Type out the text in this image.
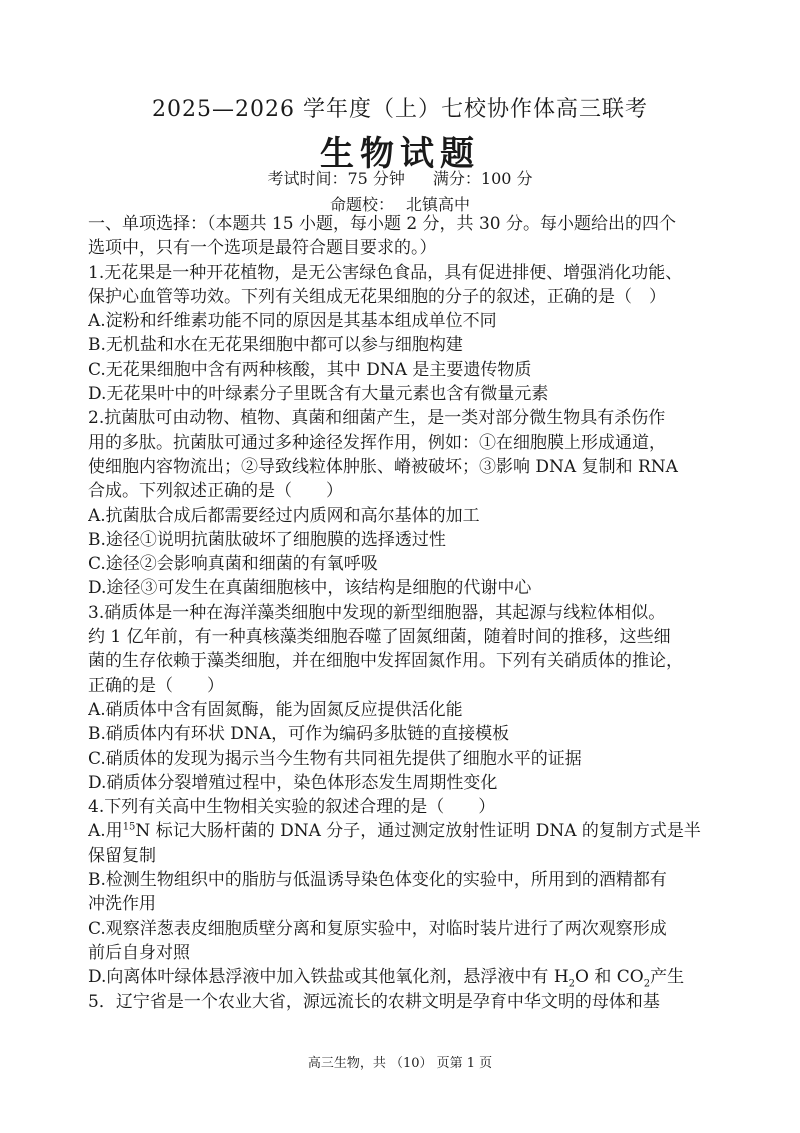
2025—2026 学年度（上）七校协作体高三联考
生物试题
考试时间：75 分钟 满分：100 分
命题校： 北镇高中
一、单项选择：（本题共 15 小题，每小题 2 分，共 30 分。每小题给出的四个
选项中，只有一个选项是最符合题目要求的。）
1.无花果是一种开花植物，是无公害绿色食品，具有促进排便、增强消化功能、
保护心血管等功效。下列有关组成无花果细胞的分子的叙述，正确的是（　）
A.淀粉和纤维素功能不同的原因是其基本组成单位不同
B.无机盐和水在无花果细胞中都可以参与细胞构建
C.无花果细胞中含有两种核酸，其中 DNA 是主要遗传物质
D.无花果叶中的叶绿素分子里既含有大量元素也含有微量元素
2.抗菌肽可由动物、植物、真菌和细菌产生，是一类对部分微生物具有杀伤作
用的多肽。抗菌肽可通过多种途径发挥作用，例如：①在细胞膜上形成通道，
使细胞内容物流出；②导致线粒体肿胀、嵴被破坏；③影响 DNA 复制和 RNA
合成。下列叙述正确的是（　　）
A.抗菌肽合成后都需要经过内质网和高尔基体的加工
B.途径①说明抗菌肽破坏了细胞膜的选择透过性
C.途径②会影响真菌和细菌的有氧呼吸
D.途径③可发生在真菌细胞核中，该结构是细胞的代谢中心
3.硝质体是一种在海洋藻类细胞中发现的新型细胞器，其起源与线粒体相似。
约 1 亿年前，有一种真核藻类细胞吞噬了固氮细菌，随着时间的推移，这些细
菌的生存依赖于藻类细胞，并在细胞中发挥固氮作用。下列有关硝质体的推论，
正确的是（　　）
A.硝质体中含有固氮酶，能为固氮反应提供活化能
B.硝质体内有环状 DNA，可作为编码多肽链的直接模板
C.硝质体的发现为揭示当今生物有共同祖先提供了细胞水平的证据
D.硝质体分裂增殖过程中，染色体形态发生周期性变化
4.下列有关高中生物相关实验的叙述合理的是（　　）
A.用$^{15}$N 标记大肠杆菌的 DNA 分子，通过测定放射性证明 DNA 的复制方式是半
保留复制
B.检测生物组织中的脂肪与低温诱导染色体变化的实验中，所用到的酒精都有
冲洗作用
C.观察洋葱表皮细胞质壁分离和复原实验中，对临时装片进行了两次观察形成
前后自身对照
D.向离体叶绿体悬浮液中加入铁盐或其他氧化剂，悬浮液中有 $H_2O$ 和 $CO_2$产生
5．辽宁省是一个农业大省，源远流长的农耕文明是孕育中华文明的母体和基
高三生物，共 （10） 页第 1 页
